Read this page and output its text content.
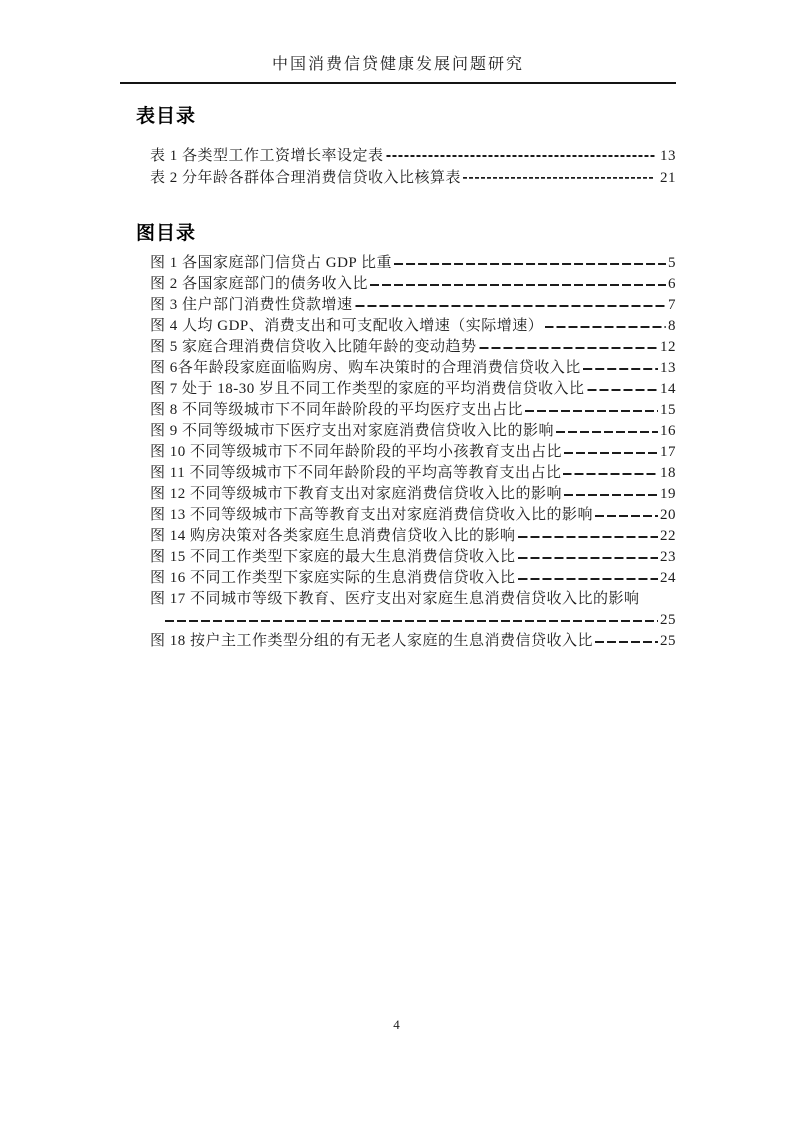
中国消费信贷健康发展问题研究
表目录
表 1 各类型工作工资增长率设定表	13
表 2 分年龄各群体合理消费信贷收入比核算表	21
图目录
图 1 各国家庭部门信贷占 GDP 比重	5
图 2 各国家庭部门的债务收入比	6
图 3 住户部门消费性贷款增速	7
图 4 人均 GDP、消费支出和可支配收入增速（实际增速）	8
图 5 家庭合理消费信贷收入比随年龄的变动趋势	12
图 6各年龄段家庭面临购房、购车决策时的合理消费信贷收入比	13
图 7 处于 18-30 岁且不同工作类型的家庭的平均消费信贷收入比	14
图 8 不同等级城市下不同年龄阶段的平均医疗支出占比	15
图 9 不同等级城市下医疗支出对家庭消费信贷收入比的影响	16
图 10 不同等级城市下不同年龄阶段的平均小孩教育支出占比	17
图 11 不同等级城市下不同年龄阶段的平均高等教育支出占比	18
图 12 不同等级城市下教育支出对家庭消费信贷收入比的影响	19
图 13 不同等级城市下高等教育支出对家庭消费信贷收入比的影响	20
图 14 购房决策对各类家庭生息消费信贷收入比的影响	22
图 15 不同工作类型下家庭的最大生息消费信贷收入比	23
图 16 不同工作类型下家庭实际的生息消费信贷收入比	24
图 17 不同城市等级下教育、医疗支出对家庭生息消费信贷收入比的影响
25
图 18 按户主工作类型分组的有无老人家庭的生息消费信贷收入比	25
4
